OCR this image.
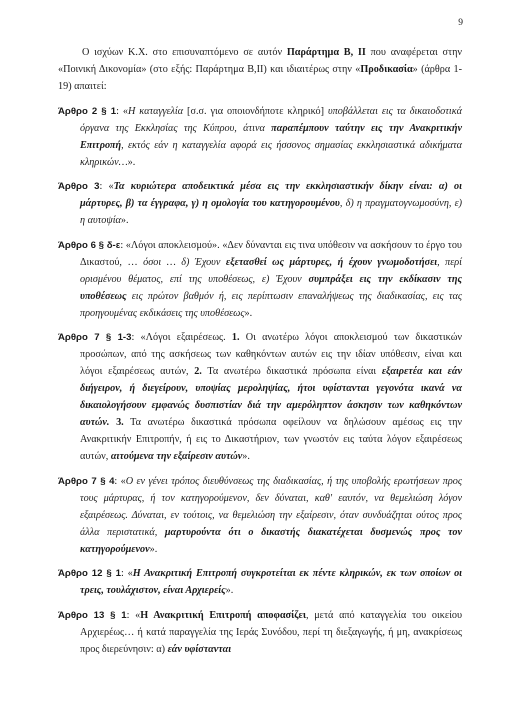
9

Ο ισχύων Κ.Χ. στο επισυναπτόμενο σε αυτόν Παράρτημα Β, ΙΙ που αναφέρεται στην «Ποινική Δικονομία» (στο εξής: Παράρτημα Β,ΙΙ) και ιδιαιτέρως στην «Προδικασία» (άρθρα 1-19) απαιτεί:

Άρθρο 2 § 1: «Η καταγγελία [σ.σ. για οποιονδήποτε κληρικό] υποβάλλεται εις τα δικαιοδοτικά όργανα της Εκκλησίας της Κύπρου, άτινα παραπέμπουν ταύτην εις την Ανακριτικήν Επιτροπή, εκτός εάν η καταγγελία αφορά εις ήσσονος σημασίας εκκλησιαστικά αδικήματα κληρικών…».

Άρθρο 3: «Τα κυριώτερα αποδεικτικά μέσα εις την εκκλησιαστικήν δίκην είναι: α) οι μάρτυρες, β) τα έγγραφα, γ) η ομολογία του κατηγορουμένου, δ) η πραγματογνωμοσύνη, ε) η αυτοψία».

Άρθρο 6 § δ-ε: «Λόγοι αποκλεισμού». «Δεν δύνανται εις τινα υπόθεσιν να ασκήσουν το έργο του Δικαστού, … όσοι … δ) Έχουν εξετασθεί ως μάρτυρες, ή έχουν γνωμοδοτήσει, περί ορισμένου θέματος, επί της υποθέσεως, ε) Έχουν συμπράξει εις την εκδίκασιν της υποθέσεως εις πρώτον βαθμόν ή, εις περίπτωσιν επαναλήψεως της διαδικασίας, εις τας προηγουμένας εκδικάσεις της υποθέσεως».

Άρθρο 7 § 1-3: «Λόγοι εξαιρέσεως. 1. Οι ανωτέρω λόγοι αποκλεισμού των δικαστικών προσώπων, από της ασκήσεως των καθηκόντων αυτών εις την ιδίαν υπόθεσιν, είναι και λόγοι εξαιρέσεως αυτών, 2. Τα ανωτέρω δικαστικά πρόσωπα είναι εξαιρετέα και εάν διήγειρον, ή διεγείρουν, υποψίας μεροληψίας, ήτοι υφίστανται γεγονότα ικανά να δικαιολογήσουν εμφανώς δυσπιστίαν διά την αμερόληπτον άσκησιν των καθηκόντων αυτών. 3. Τα ανωτέρω δικαστικά πρόσωπα οφείλουν να δηλώσουν αμέσως εις την Ανακριτικήν Επιτροπήν, ή εις το Δικαστήριον, των γνωστόν εις ταύτα λόγον εξαιρέσεως αυτών, αιτούμενα την εξαίρεσιν αυτών».

Άρθρο 7 § 4: «Ο εν γένει τρόπος διευθύνσεως της διαδικασίας, ή της υποβολής ερωτήσεων προς τους μάρτυρας, ή τον κατηγορούμενον, δεν δύναται, καθ' εαυτόν, να θεμελιώση λόγον εξαιρέσεως. Δύναται, εν τούτοις, να θεμελιώση την εξαίρεσιν, όταν συνδυάζηται ούτος προς άλλα περιστατικά, μαρτυρούντα ότι ο δικαστής διακατέχεται δυσμενώς προς τον κατηγορούμενον».

Άρθρο 12 § 1: «Η Ανακριτική Επιτροπή συγκροτείται εκ πέντε κληρικών, εκ των οποίων οι τρεις, τουλάχιστον, είναι Αρχιερείς».

Άρθρο 13 § 1: «Η Ανακριτική Επιτροπή αποφασίζει, μετά από καταγγελία του οικείου Αρχιερέως… ή κατά παραγγελία της Ιεράς Συνόδου, περί τη διεξαγωγής, ή μη, ανακρίσεως προς διερεύνησιν: α) εάν υφίστανται
